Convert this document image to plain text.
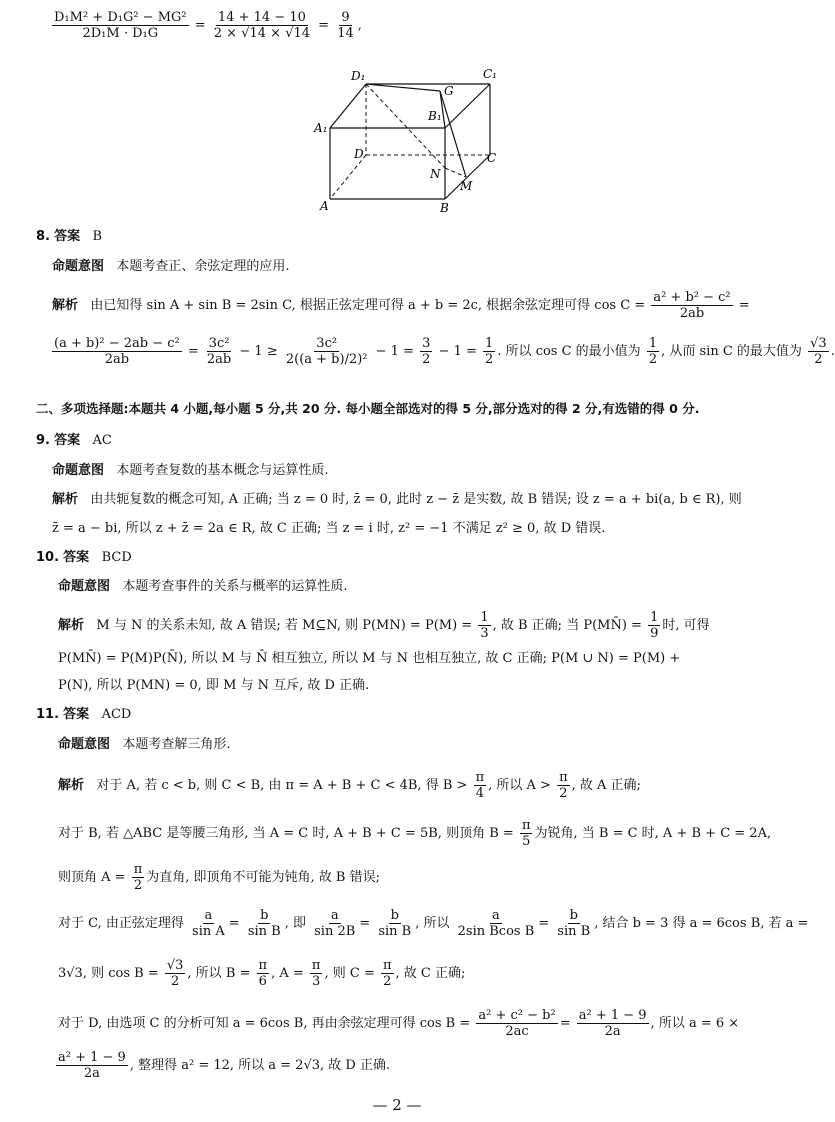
$\frac{\text{D₁M² + D₁G² − MG²}}{\text{2D₁M · D₁G}} = \frac{14 + 14 - 10}{2 \times √14 \times √14} = \frac{9}{14}$ ,
D₁	C₁
G
A₁
B₁
D	C
N
M
A	B
8. 答案 B
命题意图 本题考查正、余弦定理的应用.
解析 由已知得 sin A + sin B = 2sin C, 根据正弦定理可得 a + b = 2c, 根据余弦定理可得 $\cos C = \frac{\text{a² + b² − c²}}{2ab}$ =
$\frac{\text{(a + b)² − 2ab − c²}}{2ab} = \frac{\text{3c²}}{2ab} - 1 \ge \frac{\text{3c²}}{\text{2((a + b)/2)²}} - 1 = \frac{3}{2} - 1 = \frac{1}{2}$ . 所以 cos C 的最小值为 $\frac{1}{2}$ , 从而 sin C 的最大值为 $\frac{√3}{2}$ .
二、多项选择题:本题共 4 小题,每小题 5 分,共 20 分. 每小题全部选对的得 5 分,部分选对的得 2 分,有选错的得 0 分.
9. 答案 AC
命题意图 本题考查复数的基本概念与运算性质.
解析 由共轭复数的概念可知, A 正确; 当 z = 0 时, z̄ = 0, 此时 z − z̄ 是实数, 故 B 错误; 设 z = a + bi(a, b ∈ R), 则
z̄ = a − bi, 所以 z + z̄ = 2a ∈ R, 故 C 正确; 当 z = i 时, z² = −1 不满足 z² ≥ 0, 故 D 错误.
10. 答案 BCD
命题意图 本题考查事件的关系与概率的运算性质.
解析 M 与 N 的关系未知, 故 A 错误; 若 M⊆N, 则 $P(MN) = P(M) = \frac{1}{3}$ , 故 B 正确; 当 P(MN̄) = $\frac{1}{9}$ 时, 可得
P(MN̄) = P(M)P(N̄), 所以 M 与 N̄ 相互独立, 所以 M 与 N 也相互独立, 故 C 正确; P(M ∪ N) = P(M) +
P(N), 所以 P(MN) = 0, 即 M 与 N 互斥, 故 D 正确.
11. 答案 ACD
命题意图 本题考查解三角形.
解析 对于 A, 若 c < b, 则 C < B, 由 π = A + B + C < 4B, 得 $B > \frac{\pi}{4}$ , 所以 $A > \frac{\pi}{2}$ , 故 A 正确;
对于 B, 若 △ABC 是等腰三角形, 当 A = C 时, A + B + C = 5B, 则顶角 $B = \frac{\pi}{5}$ 为锐角, 当 B = C 时, A + B + C = 2A,
则顶角 $A = \frac{\pi}{2}$ 为直角, 即顶角不可能为钝角, 故 B 错误;
对于 C, 由正弦定理得 $\frac{a}{\text{sin A}} = \frac{b}{\text{sin B}}$ , 即 $\frac{a}{\sin 2B} = \frac{b}{\text{sin B}}$ , 所以 $\frac{a}{\text{2sin Bcos B}} = \frac{b}{\text{sin B}}$ , 结合 b = 3 得 a = 6cos B, 若 a =
3√3, 则 $\cos B = \frac{√3}{2}$ , 所以 $B = \frac{\pi}{6}$ , $A = \frac{\pi}{3}$ , 则 $C = \frac{\pi}{2}$ , 故 C 正确;
对于 D, 由选项 C 的分析可知 a = 6cos B, 再由余弦定理可得 $\cos B = \frac{\text{a² + c² − b²}}{2ac} = \frac{\text{a² + 1 − 9}}{2a}$ , 所以 a = 6 ×
$\frac{\text{a² + 1 − 9}}{2a}$ , 整理得 a² = 12, 所以 a = 2√3, 故 D 正确.
— 2 —
